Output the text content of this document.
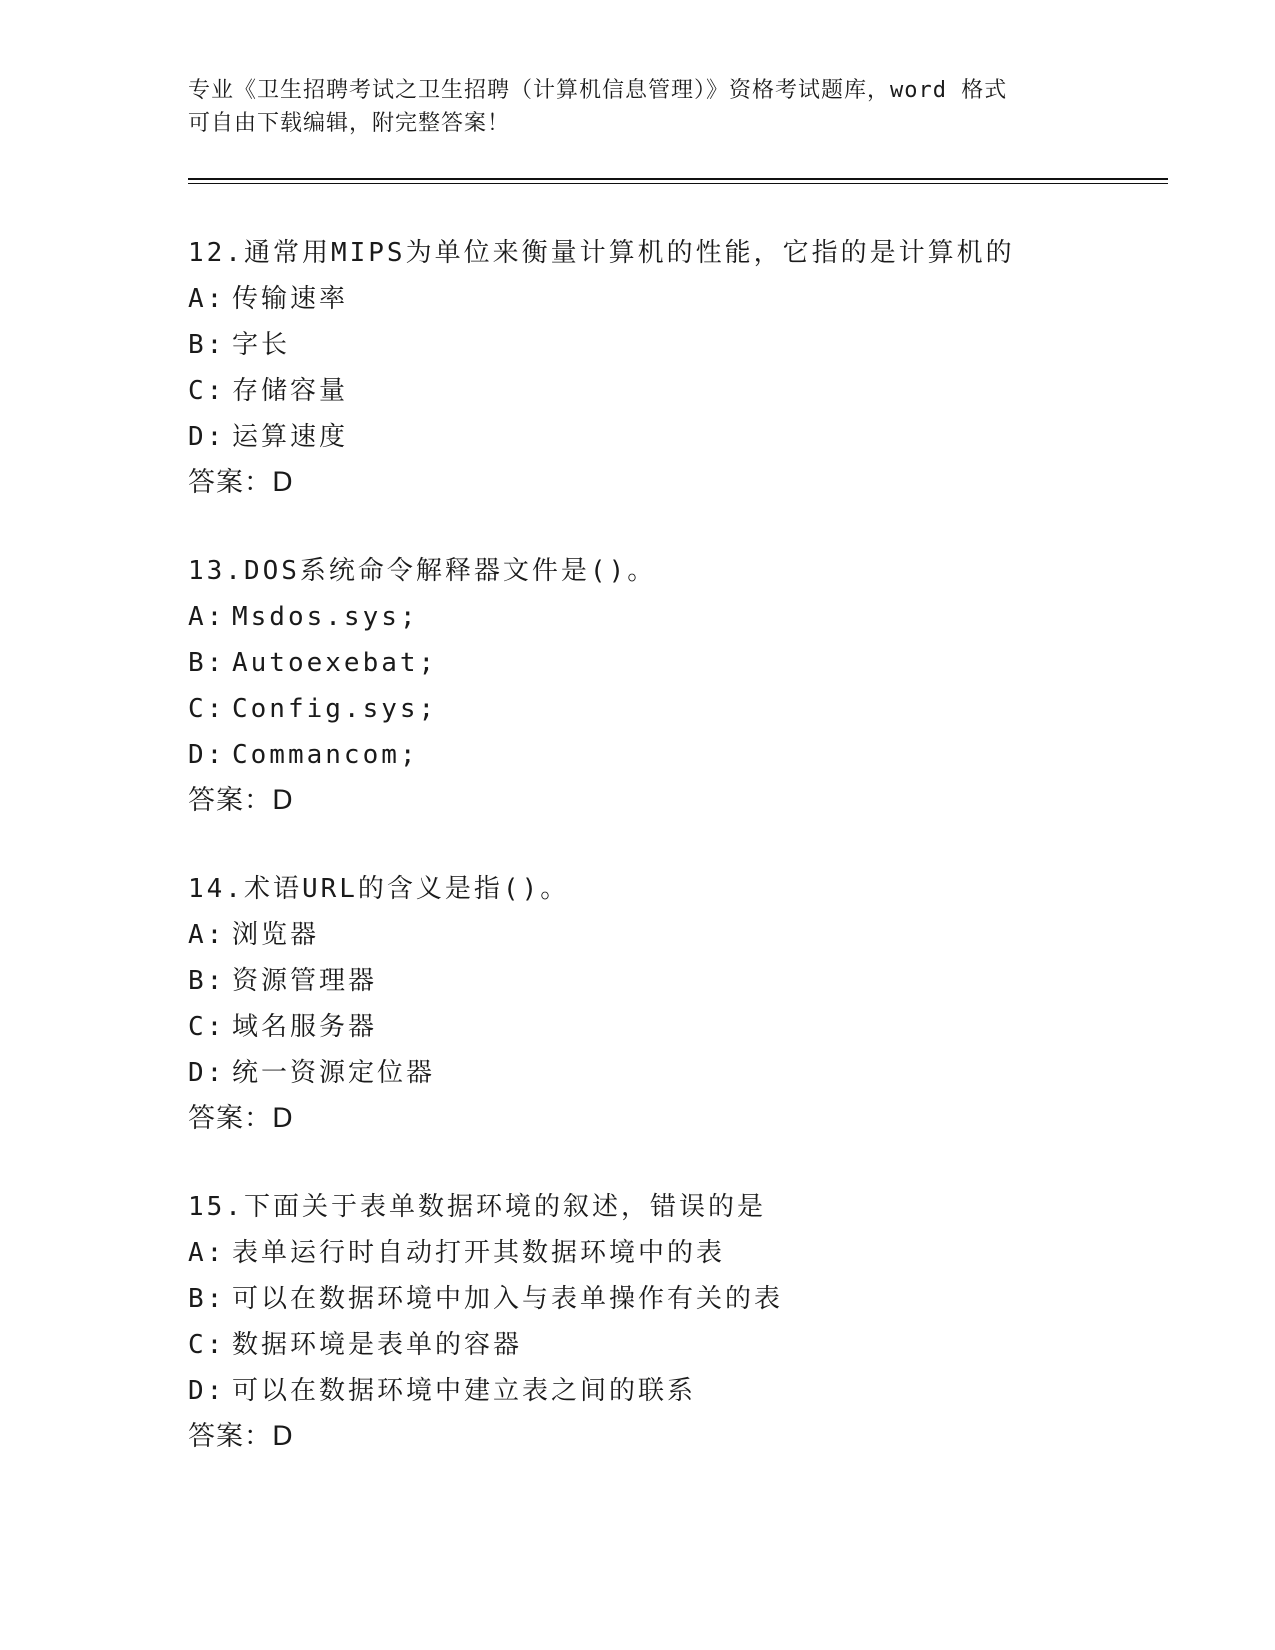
专业《卫生招聘考试之卫生招聘（计算机信息管理）》资格考试题库，word 格式
可自由下载编辑，附完整答案！
12.通常用MIPS为单位来衡量计算机的性能，它指的是计算机的
A: 传输速率
B: 字长
C: 存储容量
D: 运算速度
答案：D
13.DOS系统命令解释器文件是()。
A: Msdos.sys;
B: Autoexebat;
C: Config.sys;
D: Commancom;
答案：D
14.术语URL的含义是指()。
A: 浏览器
B: 资源管理器
C: 域名服务器
D: 统一资源定位器
答案：D
15.下面关于表单数据环境的叙述，错误的是
A: 表单运行时自动打开其数据环境中的表
B: 可以在数据环境中加入与表单操作有关的表
C: 数据环境是表单的容器
D: 可以在数据环境中建立表之间的联系
答案：D
